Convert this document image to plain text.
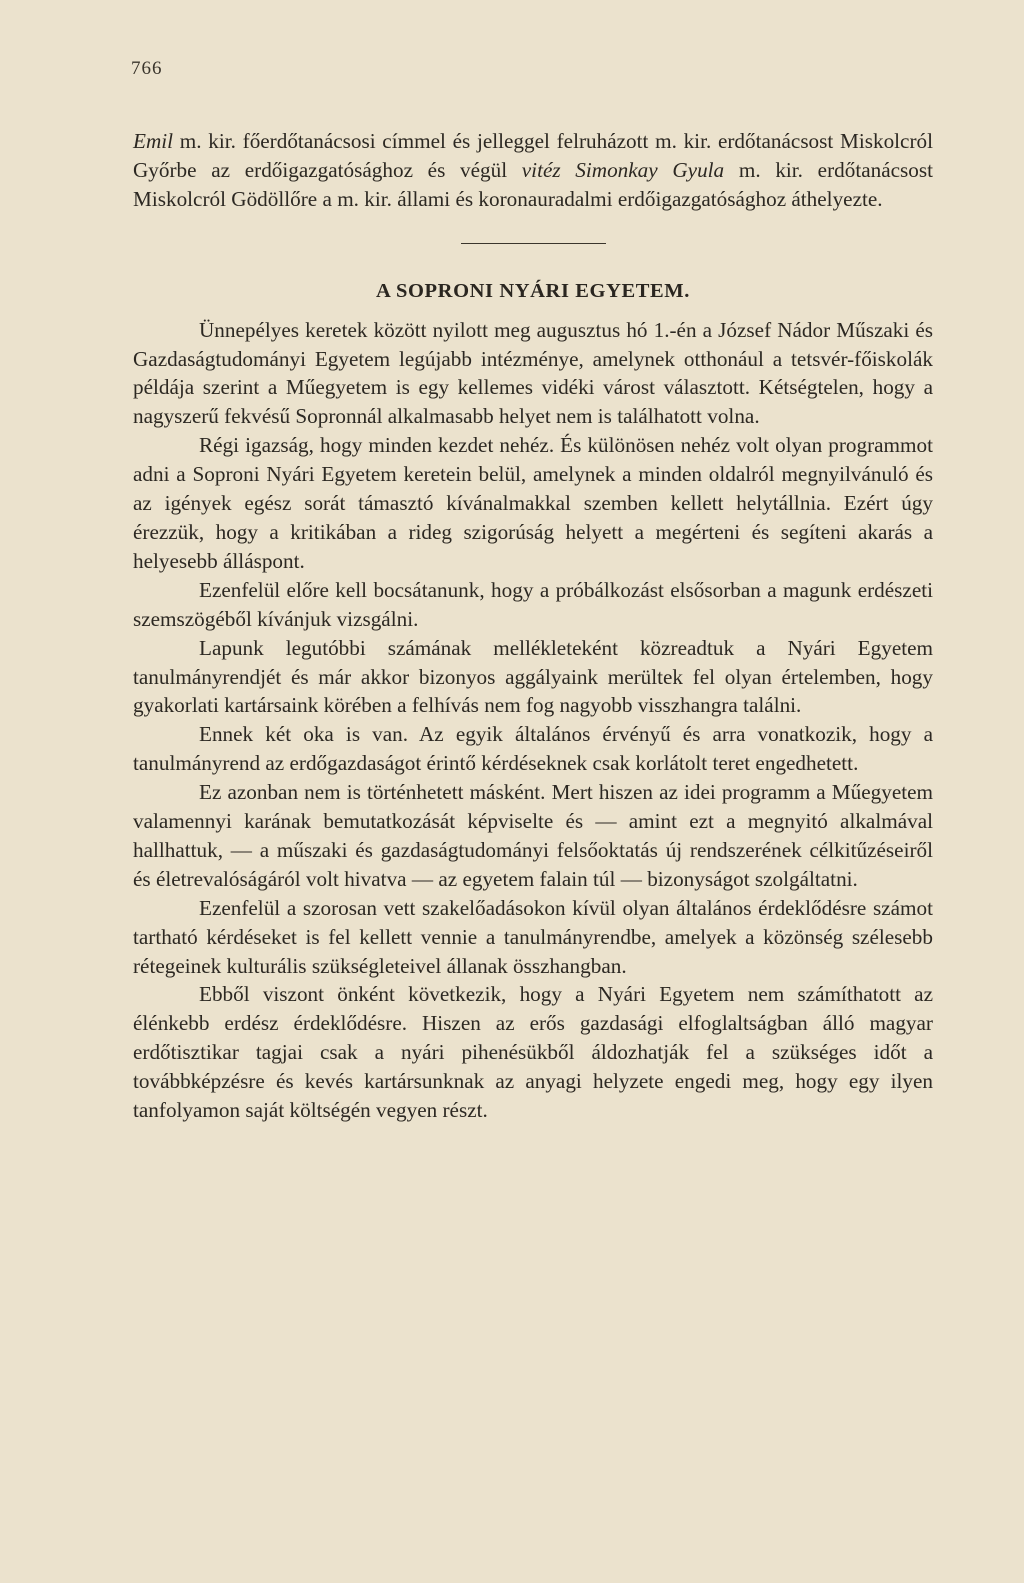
766

Emil m. kir. főerdőtanácsosi címmel és jelleggel felruházott m. kir. erdőtanácsost Miskolcról Győrbe az erdőigazgatósághoz és végül vitéz Simonkay Gyula m. kir. erdőtanácsost Miskolcról Gödöllőre a m. kir. állami és koronauradalmi erdőigazgatósághoz áthelyezte.

A SOPRONI NYÁRI EGYETEM.

Ünnepélyes keretek között nyilott meg augusztus hó 1.-én a József Nádor Műszaki és Gazdaságtudományi Egyetem legújabb intézménye, amelynek otthonául a tetsvér-főiskolák példája szerint a Műegyetem is egy kellemes vidéki várost választott. Kétségtelen, hogy a nagyszerű fekvésű Sopronnál alkalmasabb helyet nem is találhatott volna.

Régi igazság, hogy minden kezdet nehéz. És különösen nehéz volt olyan programmot adni a Soproni Nyári Egyetem keretein belül, amelynek a minden oldalról megnyilvánuló és az igények egész sorát támasztó kívánalmakkal szemben kellett helytállnia. Ezért úgy érezzük, hogy a kritikában a rideg szigorúság helyett a megérteni és segíteni akarás a helyesebb álláspont.

Ezenfelül előre kell bocsátanunk, hogy a próbálkozást elsősorban a magunk erdészeti szemszögéből kívánjuk vizsgálni.

Lapunk legutóbbi számának mellékleteként közreadtuk a Nyári Egyetem tanulmányrendjét és már akkor bizonyos aggályaink merültek fel olyan értelemben, hogy gyakorlati kartársaink körében a felhívás nem fog nagyobb visszhangra találni.

Ennek két oka is van. Az egyik általános érvényű és arra vonatkozik, hogy a tanulmányrend az erdőgazdaságot érintő kérdéseknek csak korlátolt teret engedhetett.

Ez azonban nem is történhetett másként. Mert hiszen az idei programm a Műegyetem valamennyi karának bemutatkozását képviselte és — amint ezt a megnyitó alkalmával hallhattuk, — a műszaki és gazdaságtudományi felsőoktatás új rendszerének célkitűzéseiről és életrevalóságáról volt hivatva — az egyetem falain túl — bizonyságot szolgáltatni.

Ezenfelül a szorosan vett szakelőadásokon kívül olyan általános érdeklődésre számot tartható kérdéseket is fel kellett vennie a tanulmányrendbe, amelyek a közönség szélesebb rétegeinek kulturális szükségleteivel állanak összhangban.

Ebből viszont önként következik, hogy a Nyári Egyetem nem számíthatott az élénkebb erdész érdeklődésre. Hiszen az erős gazdasági elfoglaltságban álló magyar erdőtisztikar tagjai csak a nyári pihenésükből áldozhatják fel a szükséges időt a továbbképzésre és kevés kartársunknak az anyagi helyzete engedi meg, hogy egy ilyen tanfolyamon saját költségén vegyen részt.
